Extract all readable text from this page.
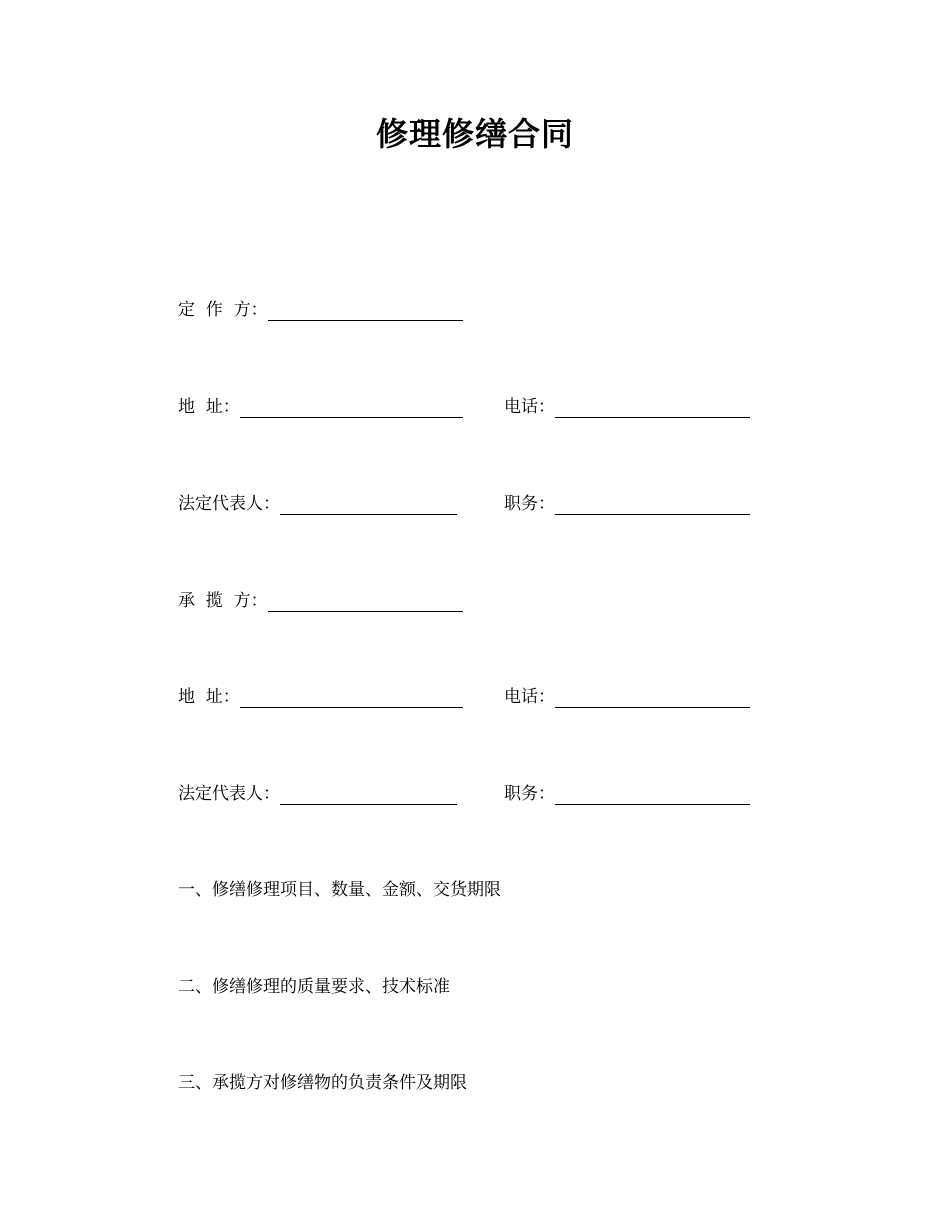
修理修缮合同
定  作  方：
地  址：	电话：
法定代表人：	职务：
承  揽  方：
地  址：	电话：
法定代表人：	职务：
一、修缮修理项目、数量、金额、交货期限
二、修缮修理的质量要求、技术标准
三、承揽方对修缮物的负责条件及期限
